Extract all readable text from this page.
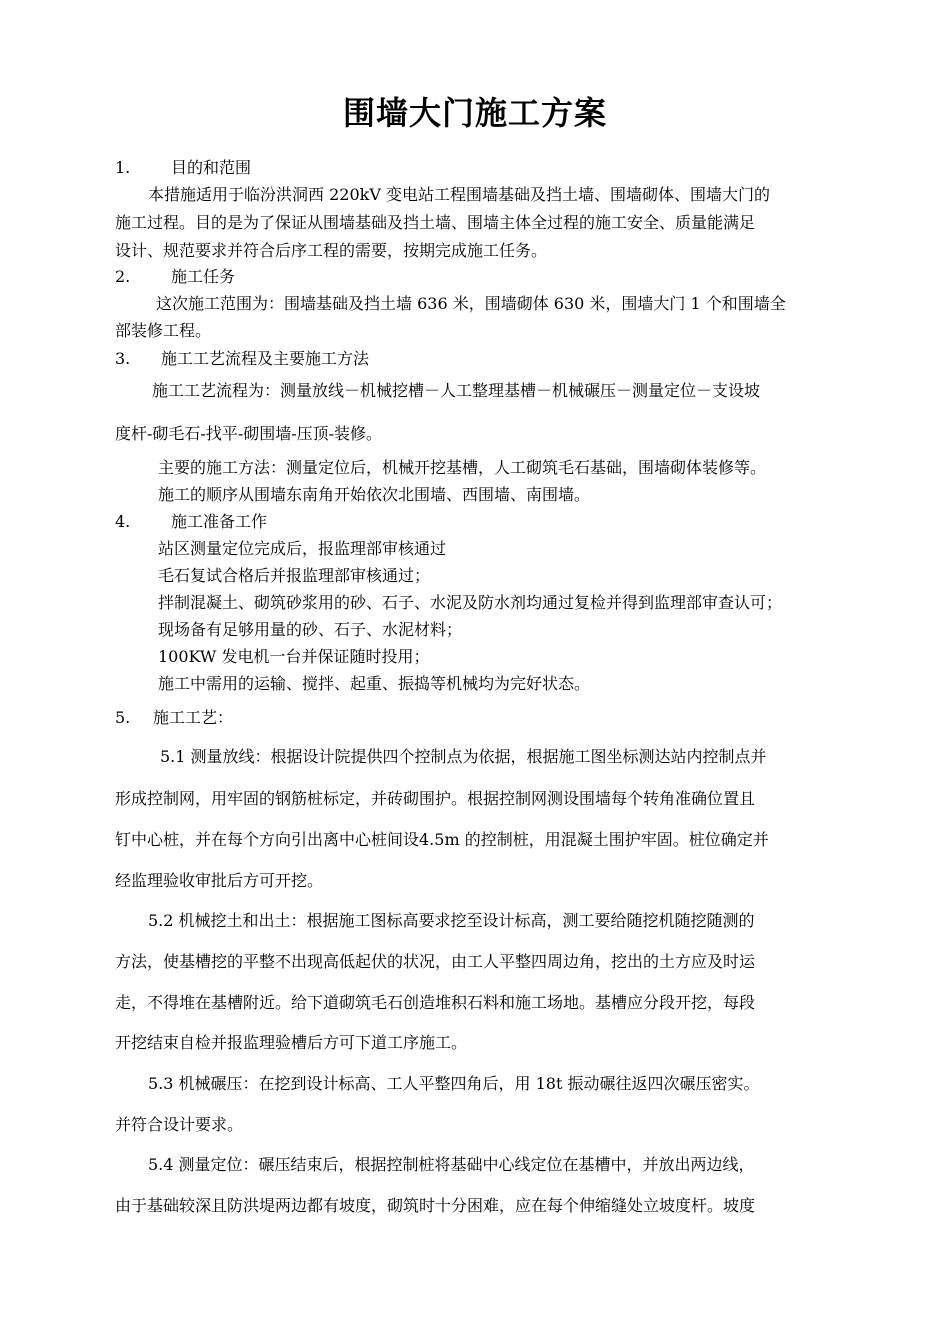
围墙大门施工方案
1.	目的和范围
本措施适用于临汾洪洞西 220kV 变电站工程围墙基础及挡土墙、围墙砌体、围墙大门的
施工过程。目的是为了保证从围墙基础及挡土墙、围墙主体全过程的施工安全、质量能满足
设计、规范要求并符合后序工程的需要，按期完成施工任务。
2.	施工任务
这次施工范围为：围墙基础及挡土墙 636 米，围墙砌体 630 米，围墙大门 1 个和围墙全
部装修工程。
3. 施工工艺流程及主要施工方法
施工工艺流程为：测量放线－机械挖槽－人工整理基槽－机械碾压－测量定位－支设坡
度杆-砌毛石-找平-砌围墙-压顶-装修。
主要的施工方法：测量定位后，机械开挖基槽，人工砌筑毛石基础，围墙砌体装修等。
施工的顺序从围墙东南角开始依次北围墙、西围墙、南围墙。
4.	施工准备工作
站区测量定位完成后，报监理部审核通过
毛石复试合格后并报监理部审核通过；
拌制混凝土、砌筑砂浆用的砂、石子、水泥及防水剂均通过复检并得到监理部审查认可；
现场备有足够用量的砂、石子、水泥材料；
100KW 发电机一台并保证随时投用；
施工中需用的运输、搅拌、起重、振捣等机械均为完好状态。
5. 施工工艺：
5.1 测量放线：根据设计院提供四个控制点为依据，根据施工图坐标测达站内控制点并
形成控制网，用牢固的钢筋桩标定，并砖砌围护。根据控制网测设围墙每个转角准确位置且
钉中心桩，并在每个方向引出离中心桩间设4.5m 的控制桩，用混凝土围护牢固。桩位确定并
经监理验收审批后方可开挖。
5.2 机械挖土和出土：根据施工图标高要求挖至设计标高，测工要给随挖机随挖随测的
方法，使基槽挖的平整不出现高低起伏的状况，由工人平整四周边角，挖出的土方应及时运
走，不得堆在基槽附近。给下道砌筑毛石创造堆积石料和施工场地。基槽应分段开挖，每段
开挖结束自检并报监理验槽后方可下道工序施工。
5.3 机械碾压：在挖到设计标高、工人平整四角后，用 18t 振动碾往返四次碾压密实。
并符合设计要求。
5.4 测量定位：碾压结束后，根据控制桩将基础中心线定位在基槽中，并放出两边线，
由于基础较深且防洪堤两边都有坡度，砌筑时十分困难，应在每个伸缩缝处立坡度杆。坡度
